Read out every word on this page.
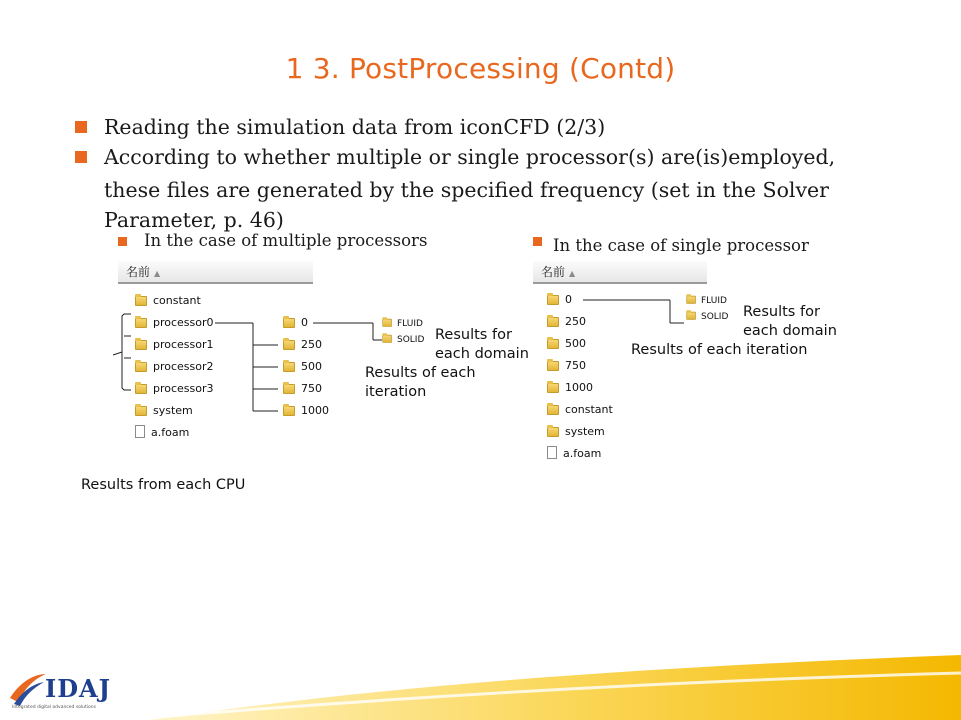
1 3. PostProcessing (Contd)
Reading the simulation data from iconCFD (2/3)
According to whether multiple or single processor(s) are(is)employed,
these files are generated by the specified frequency (set in the Solver
Parameter, p. 46)
In the case of multiple processors	In the case of single processor
名前 ▲
constant
processor0
processor1
processor2
processor3
system
a.foam
0
250
500
750
1000
FLUID
SOLID Results for
each domain
Results of each
iteration
Results from each CPU
名前 ▲
0
250
500
750
1000
constant
system
a.foam
FLUID
SOLID Results for
each domain
Results of each iteration
IDAJ
Integrated digital advanced solutions
